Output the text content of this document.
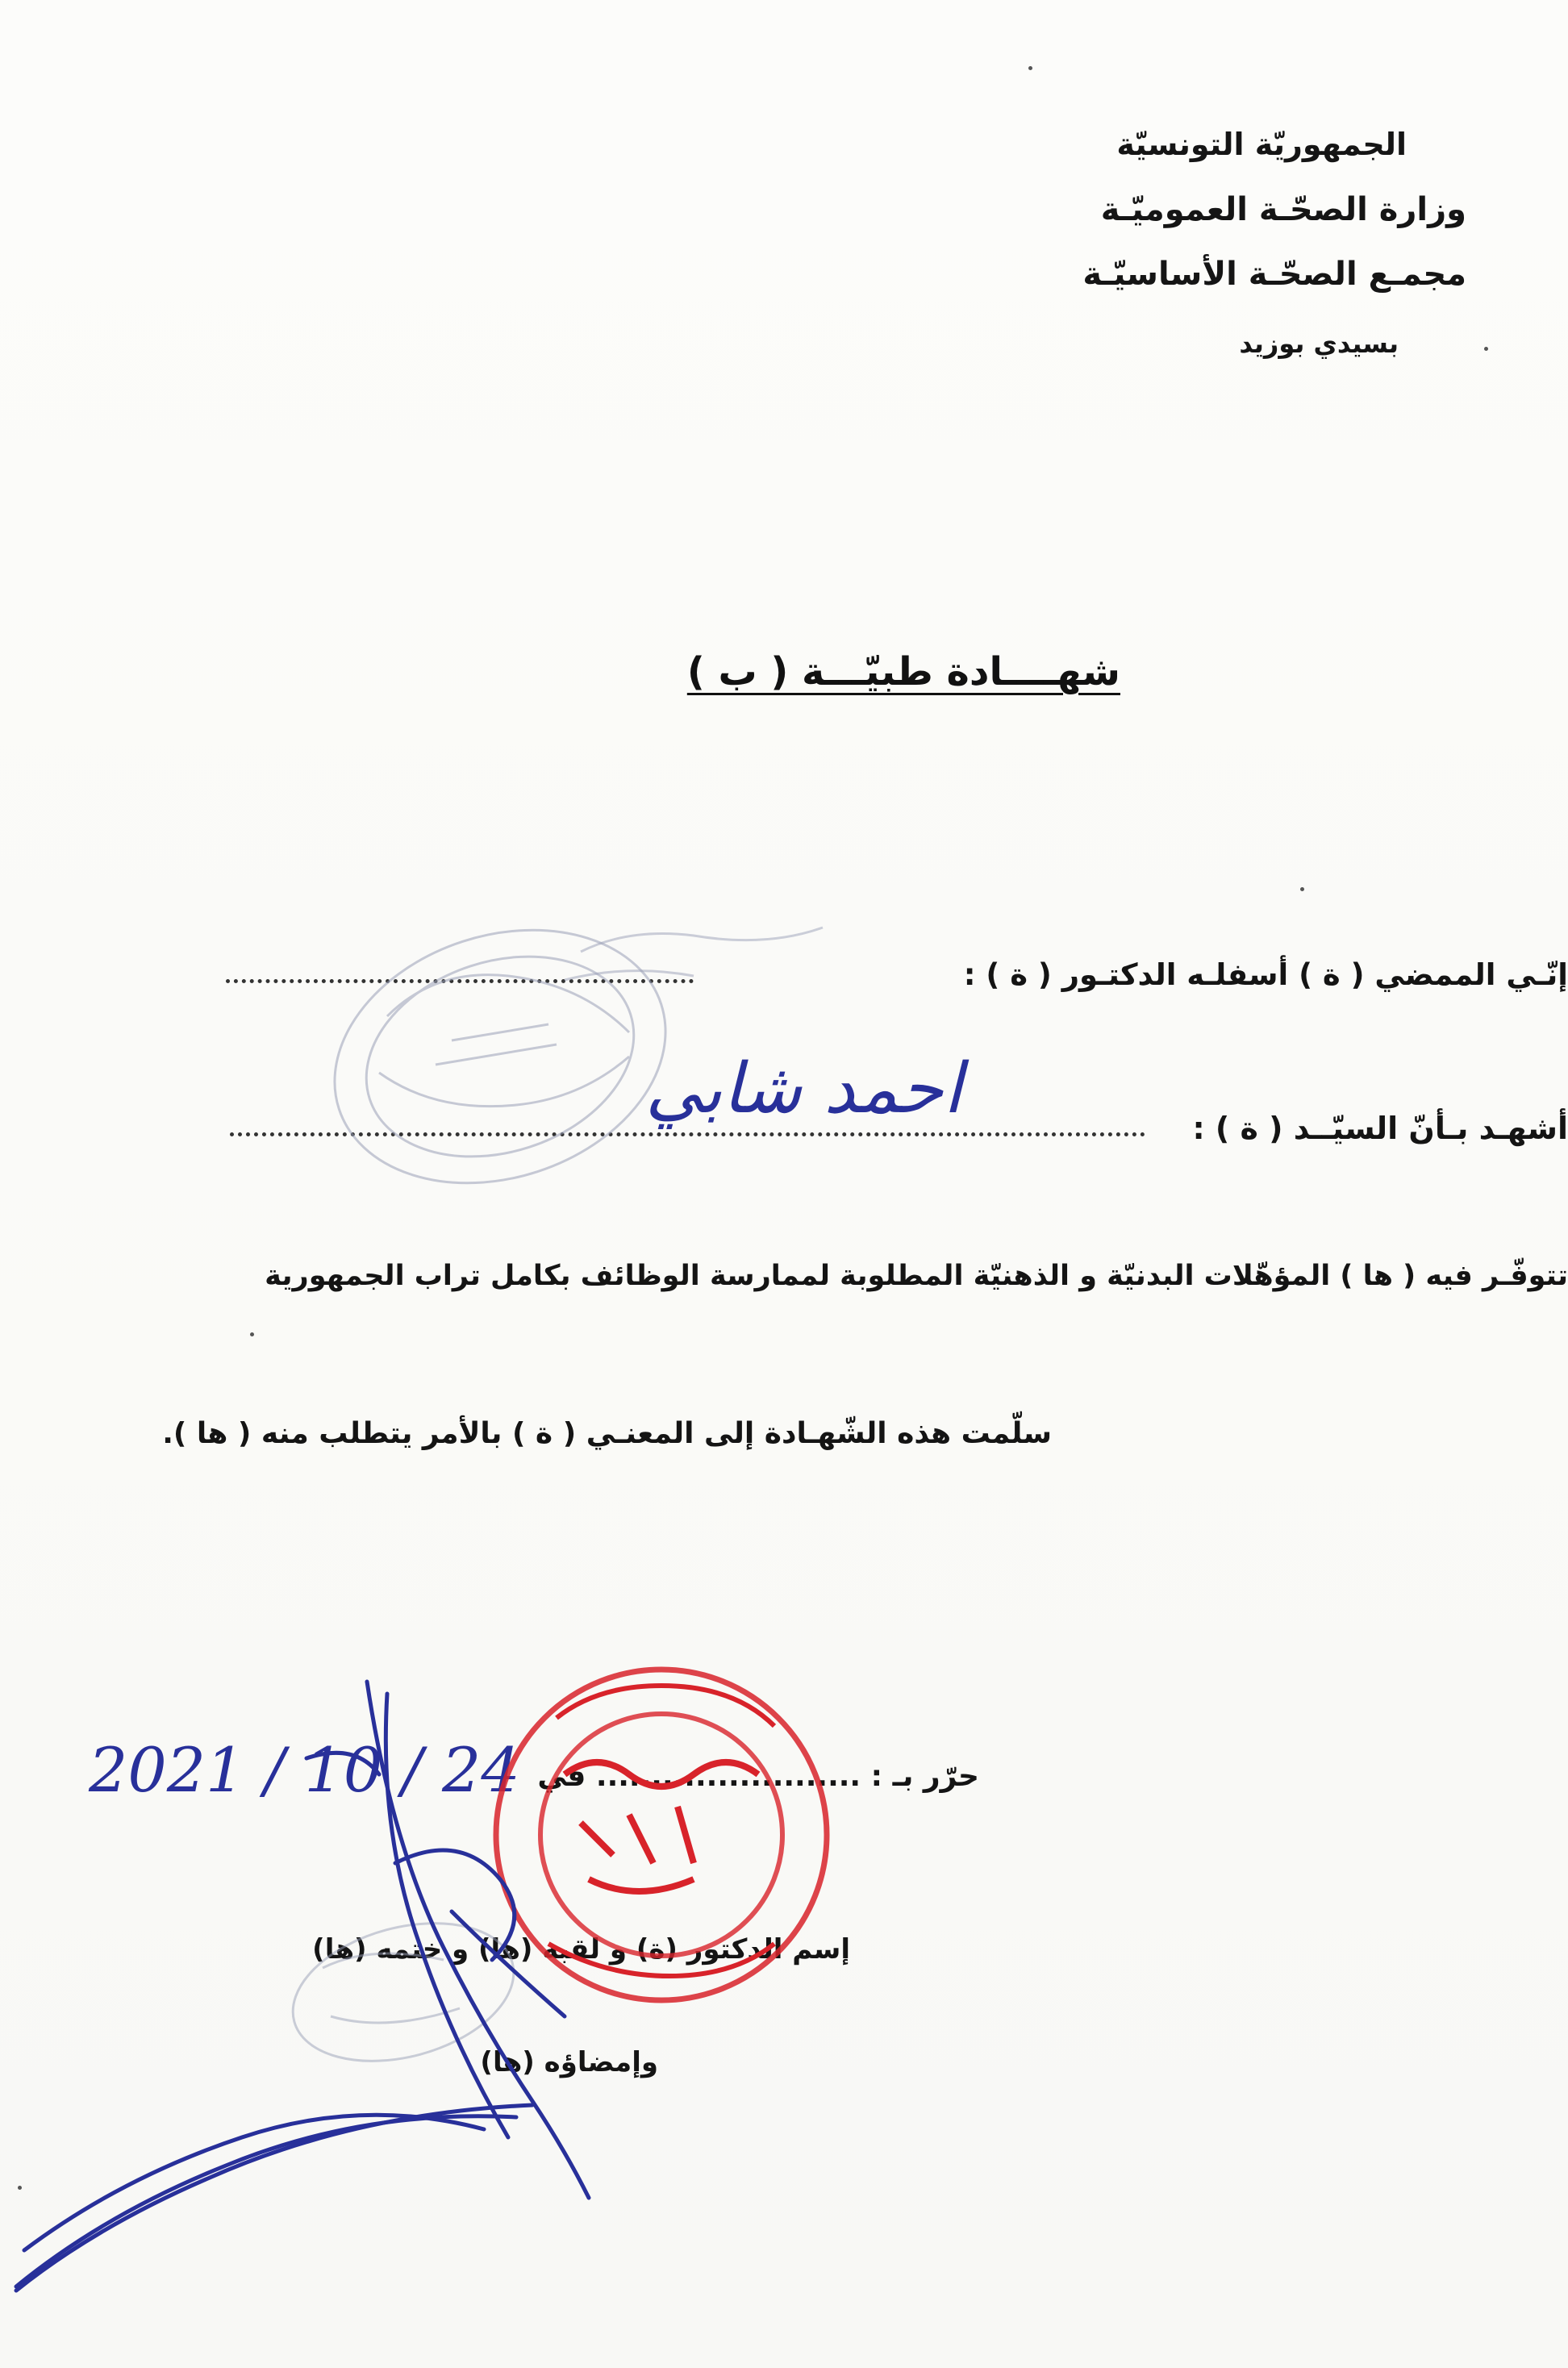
الجمهوريّة التونسيّة
وزارة الصحّـة العموميّـة
مجمـع الصحّـة الأساسيّـة
بسيدي بوزيد
شهــــادة طبيّـــة ( ب )
إنّـي الممضي ( ة ) أسفلـه الدكتـور ( ة ) :
أشهـد بـأنّ السيّــد ( ة ) :
احمد شابي
تتوفّـر فيه ( ها ) المؤهّلات البدنيّة و الذهنيّة المطلوبة لممارسة الوظائف بكامل تراب الجمهورية
سلّمت هذه الشّهـادة إلى المعنـي ( ة ) بالأمر يتطلب منه ( ها ).
حرّر بـ : ........................ في
2021 / 10 / 24
إسم الدكتور (ة) و لقبه (ها) و ختمه (ها)
وإمضاؤه (ها)
